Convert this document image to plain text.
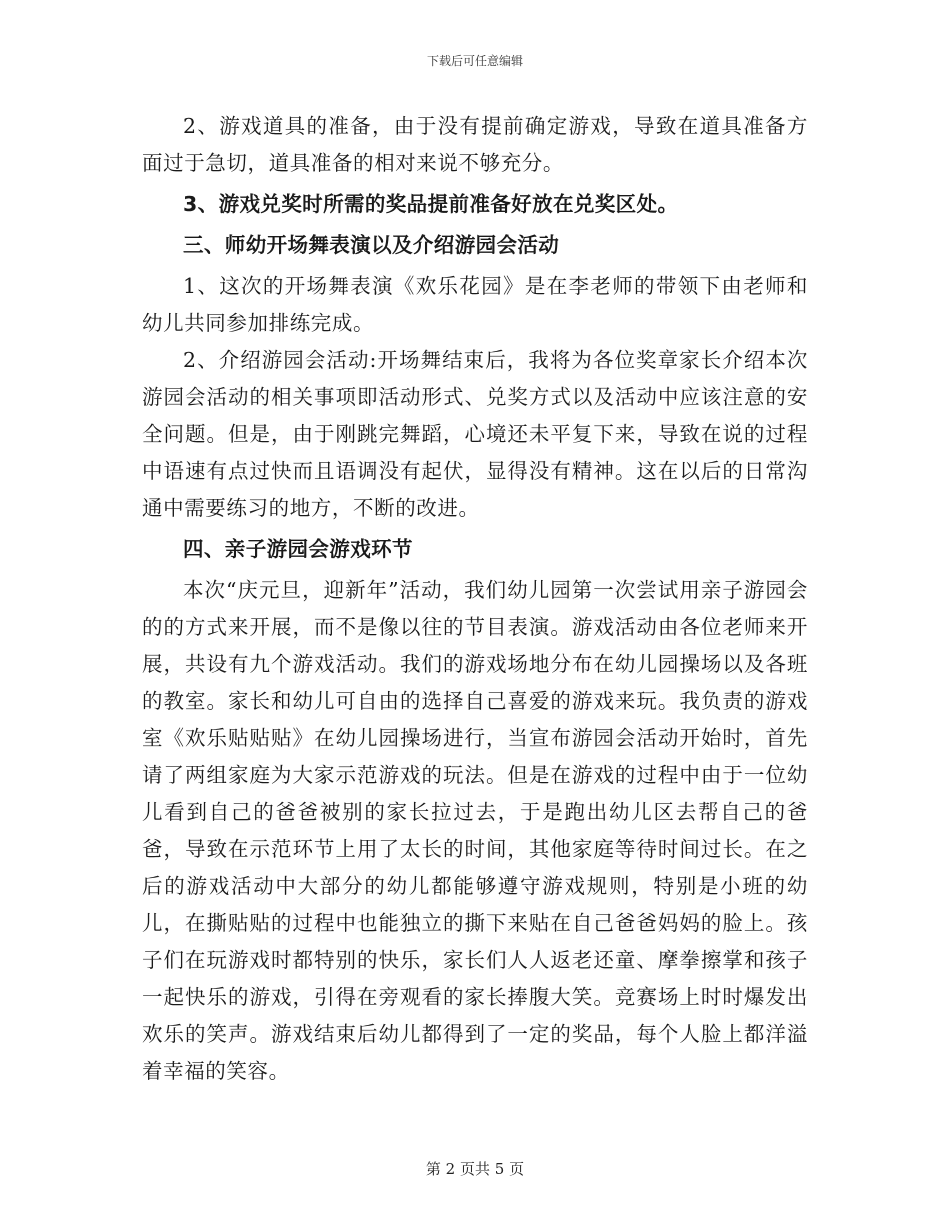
下载后可任意编辑

2、游戏道具的准备，由于没有提前确定游戏，导致在道具准备方面过于急切，道具准备的相对来说不够充分。

3、游戏兑奖时所需的奖品提前准备好放在兑奖区处。

三、师幼开场舞表演以及介绍游园会活动

1、这次的开场舞表演《欢乐花园》是在李老师的带领下由老师和幼儿共同参加排练完成。

2、介绍游园会活动:开场舞结束后，我将为各位奖章家长介绍本次游园会活动的相关事项即活动形式、兑奖方式以及活动中应该注意的安全问题。但是，由于刚跳完舞蹈，心境还未平复下来，导致在说的过程中语速有点过快而且语调没有起伏，显得没有精神。这在以后的日常沟通中需要练习的地方，不断的改进。

四、亲子游园会游戏环节

本次“庆元旦，迎新年”活动，我们幼儿园第一次尝试用亲子游园会的的方式来开展，而不是像以往的节目表演。游戏活动由各位老师来开展，共设有九个游戏活动。我们的游戏场地分布在幼儿园操场以及各班的教室。家长和幼儿可自由的选择自己喜爱的游戏来玩。我负责的游戏室《欢乐贴贴贴》在幼儿园操场进行，当宣布游园会活动开始时，首先请了两组家庭为大家示范游戏的玩法。但是在游戏的过程中由于一位幼儿看到自己的爸爸被别的家长拉过去，于是跑出幼儿区去帮自己的爸爸，导致在示范环节上用了太长的时间，其他家庭等待时间过长。在之后的游戏活动中大部分的幼儿都能够遵守游戏规则，特别是小班的幼儿，在撕贴贴的过程中也能独立的撕下来贴在自己爸爸妈妈的脸上。孩子们在玩游戏时都特别的快乐，家长们人人返老还童、摩拳擦掌和孩子一起快乐的游戏，引得在旁观看的家长捧腹大笑。竞赛场上时时爆发出欢乐的笑声。游戏结束后幼儿都得到了一定的奖品，每个人脸上都洋溢着幸福的笑容。

第 2 页共 5 页
